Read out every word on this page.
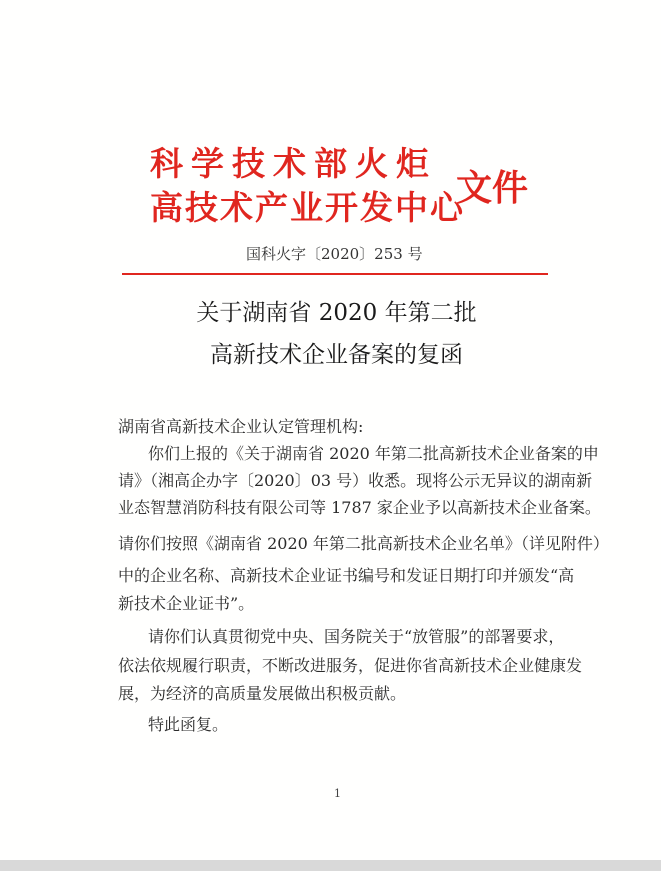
科学技术部火炬
高技术产业开发中心
文件
国科火字〔2020〕253 号
关于湖南省 2020 年第二批
高新技术企业备案的复函

湖南省高新技术企业认定管理机构:

你们上报的《关于湖南省 2020 年第二批高新技术企业备案的申

请》（湘高企办字〔2020〕03 号）收悉。现将公示无异议的湖南新

业态智慧消防科技有限公司等 1787 家企业予以高新技术企业备案。

请你们按照《湖南省 2020 年第二批高新技术企业名单》（详见附件）

中的企业名称、高新技术企业证书编号和发证日期打印并颁发“高

新技术企业证书”。

请你们认真贯彻党中央、国务院关于“放管服”的部署要求，

依法依规履行职责，不断改进服务，促进你省高新技术企业健康发

展，为经济的高质量发展做出积极贡献。

特此函复。

1
